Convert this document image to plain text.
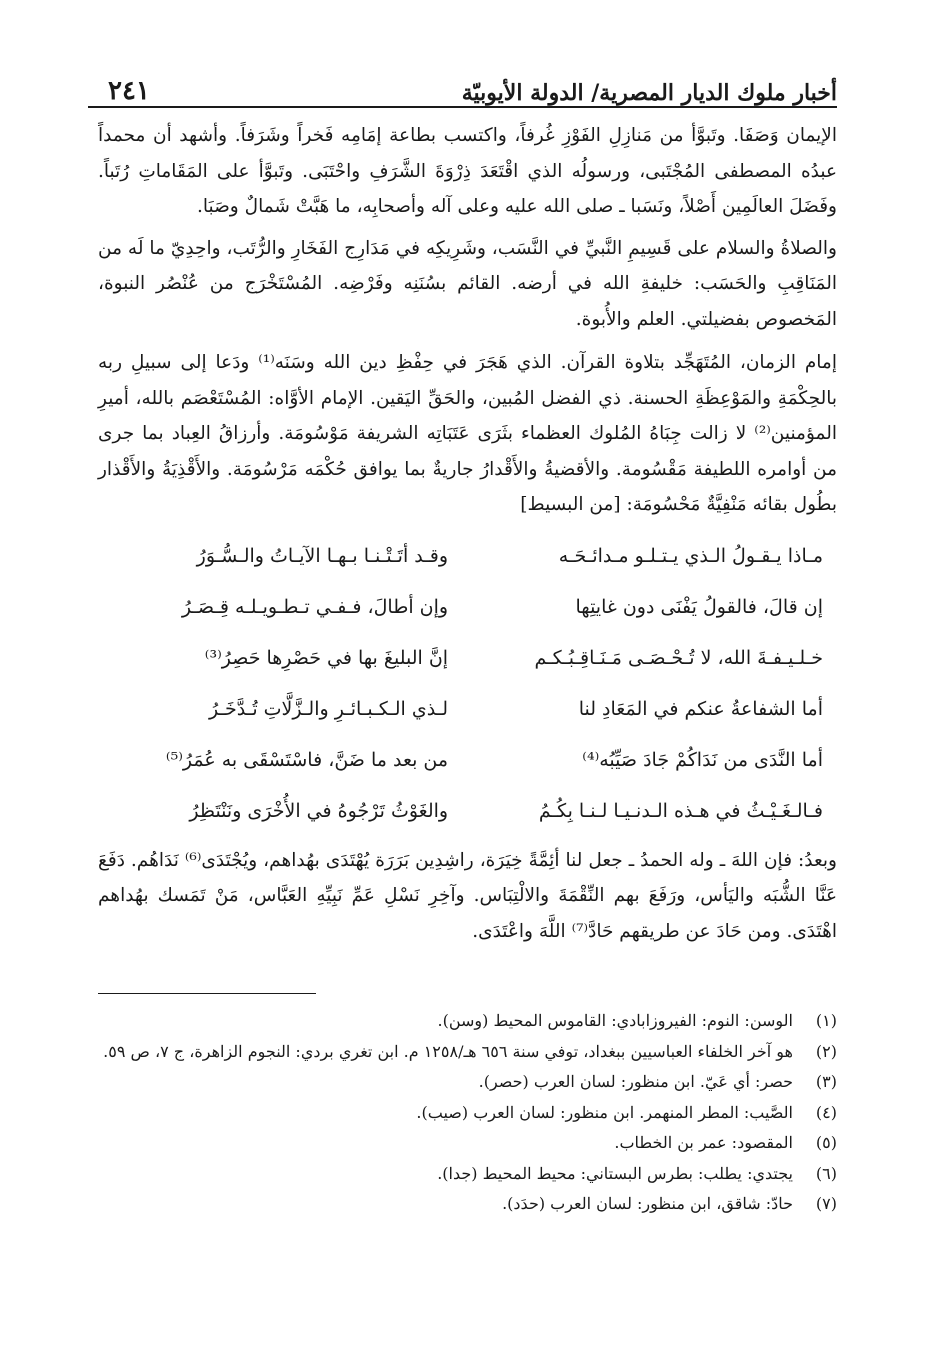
أخبار ملوك الديار المصرية/ الدولة الأيوبيّة
٢٤١

الإيمان وَصَفَا. وتَبوَّأ من مَنازِلِ الفَوْزِ غُرفاً، واكتسب بطاعة إمَامِه فَخراً وشَرَفاً. وأشهد أن محمداً عبدُه المصطفى المُجْتَبى، ورسولُه الذي اقْتَعَدَ ذِرْوَةَ الشَّرَفِ واحْتَبَى. وتَبوَّأ على المَقَاماتِ رُتَباً. وفَضَلَ العالَمِين أَصْلاً، ونَسَبا ـ صلى الله عليه وعلى آله وأصحابِه، ما هَبَّتْ شَمالٌ وصَبَا.

والصلاةُ والسلام على قَسِيمِ النَّبيِّ في النَّسَب، وشَرِيكِه في مَدَارِج الفَخَارِ والرُّتَب، واحِدِيّ ما لَه من المَنَاقِبِ والحَسَب: خليفةِ الله في أرضه. القائم بسُنَنِه وفَرْضِه. المُسْتَخْرَج من عُنْصُر النبوة، المَخصوص بفضيلتي. العلم والأُبوة.

إمام الزمان، المُتَهَجِّد بتلاوة القرآن. الذي هَجَرَ في حِفْظِ دين الله وسَنَه⁽¹⁾ ودَعا إلى سبيلِ ربه بالحِكْمَةِ والمَوْعِظَةِ الحسنة. ذي الفضل المُبين، والحَقِّ اليَقين. الإمام الأوَّاه: المُسْتَعْصَم بالله، أميرِ المؤمنين⁽²⁾ لا زالت جِبَاهُ المُلوك العظماء بثَرَى عَتَبَاتِه الشريفة مَوْسُومَة. وأرزاقُ العِباد بما جرى من أوامره اللطيفة مَقْسُومة. والأقضيةُ والأَقْدارُ جاريةٌ بما يوافق حُكْمَه مَرْسُومَة. والأَقْذِيَةُ والأَقْذار بطُول بقائه مَنْفِيَّةٌ مَحْسُومَة: [من البسيط]

مـاذا يـقـولُ الـذي يـتـلـو مـدائـحَـه
وقـد أتَـتْـنـا بـهـا الآيـاتُ والـسُّـوَرُ
إن قالَ، فالقولُ يَفْنَى دون غايتِها
وإن أطالَ، فـفـي تـطـويـلـه قِـصَـرُ
خـلـيـفـةَ الله، لا تُـحْـصَـى مَـنَـاقِـبُـكـم
إنَّ البليغَ بها في حَصْرِها حَصِرُ⁽³⁾
أما الشفاعةُ عنكم في المَعَادِ لنا
لـذي الـكـبـائـرِ والـزَّلَّاتِ تُـدَّخَـرُ
أما النَّدَى من نَدَاكُمْ جَادَ صَيِّبُه⁽⁴⁾
من بعد ما ضَنَّ، فاسْتَسْقَى به عُمَرُ⁽⁵⁾
فـالـغَـيْـثُ في هـذه الـدنـيـا لـنـا بِكُـمُ
والغَوْثُ تَرْجُوهُ في الأُخْرَى ونَنْتَظِرُ

وبعدُ: فإن اللهَ ـ وله الحمدُ ـ جعل لنا أئِمَّةً خِيَرَة، راشِدِين بَرَرَة يُهْتَدَى بهُداهم، ويُجْتَدَى⁽⁶⁾ نَدَاهُم. دَفَعَ عَنَّا الشُّبَه واليَأس، ورَفَعَ بهم النِّقْمَةَ والالْتِبَاس. وآخِرِ نَسْلِ عَمِّ نَبِيِّهِ العَبَّاس، مَنْ تَمَسك بهُداهم اهْتَدَى. ومن حَادَ عن طريقهم حَادَّ⁽⁷⁾ اللَّهَ واعْتَدَى.

(١)
الوسن: النوم: الفيروزابادي: القاموس المحيط (وسن).
(٢)
هو آخر الخلفاء العباسيين ببغداد، توفي سنة ٦٥٦ هـ/١٢٥٨ م. ابن تغري بردي: النجوم الزاهرة، ج ٧، ص ٥٩.
(٣)
حصر: أي عَيّ. ابن منظور: لسان العرب (حصر).
(٤)
الصَّيب: المطر المنهمر. ابن منظور: لسان العرب (صيب).
(٥)
المقصود: عمر بن الخطاب.
(٦)
يجتدي: يطلب: بطرس البستاني: محيط المحيط (جدا).
(٧)
حادّ: شاقق، ابن منظور: لسان العرب (حدَد).
